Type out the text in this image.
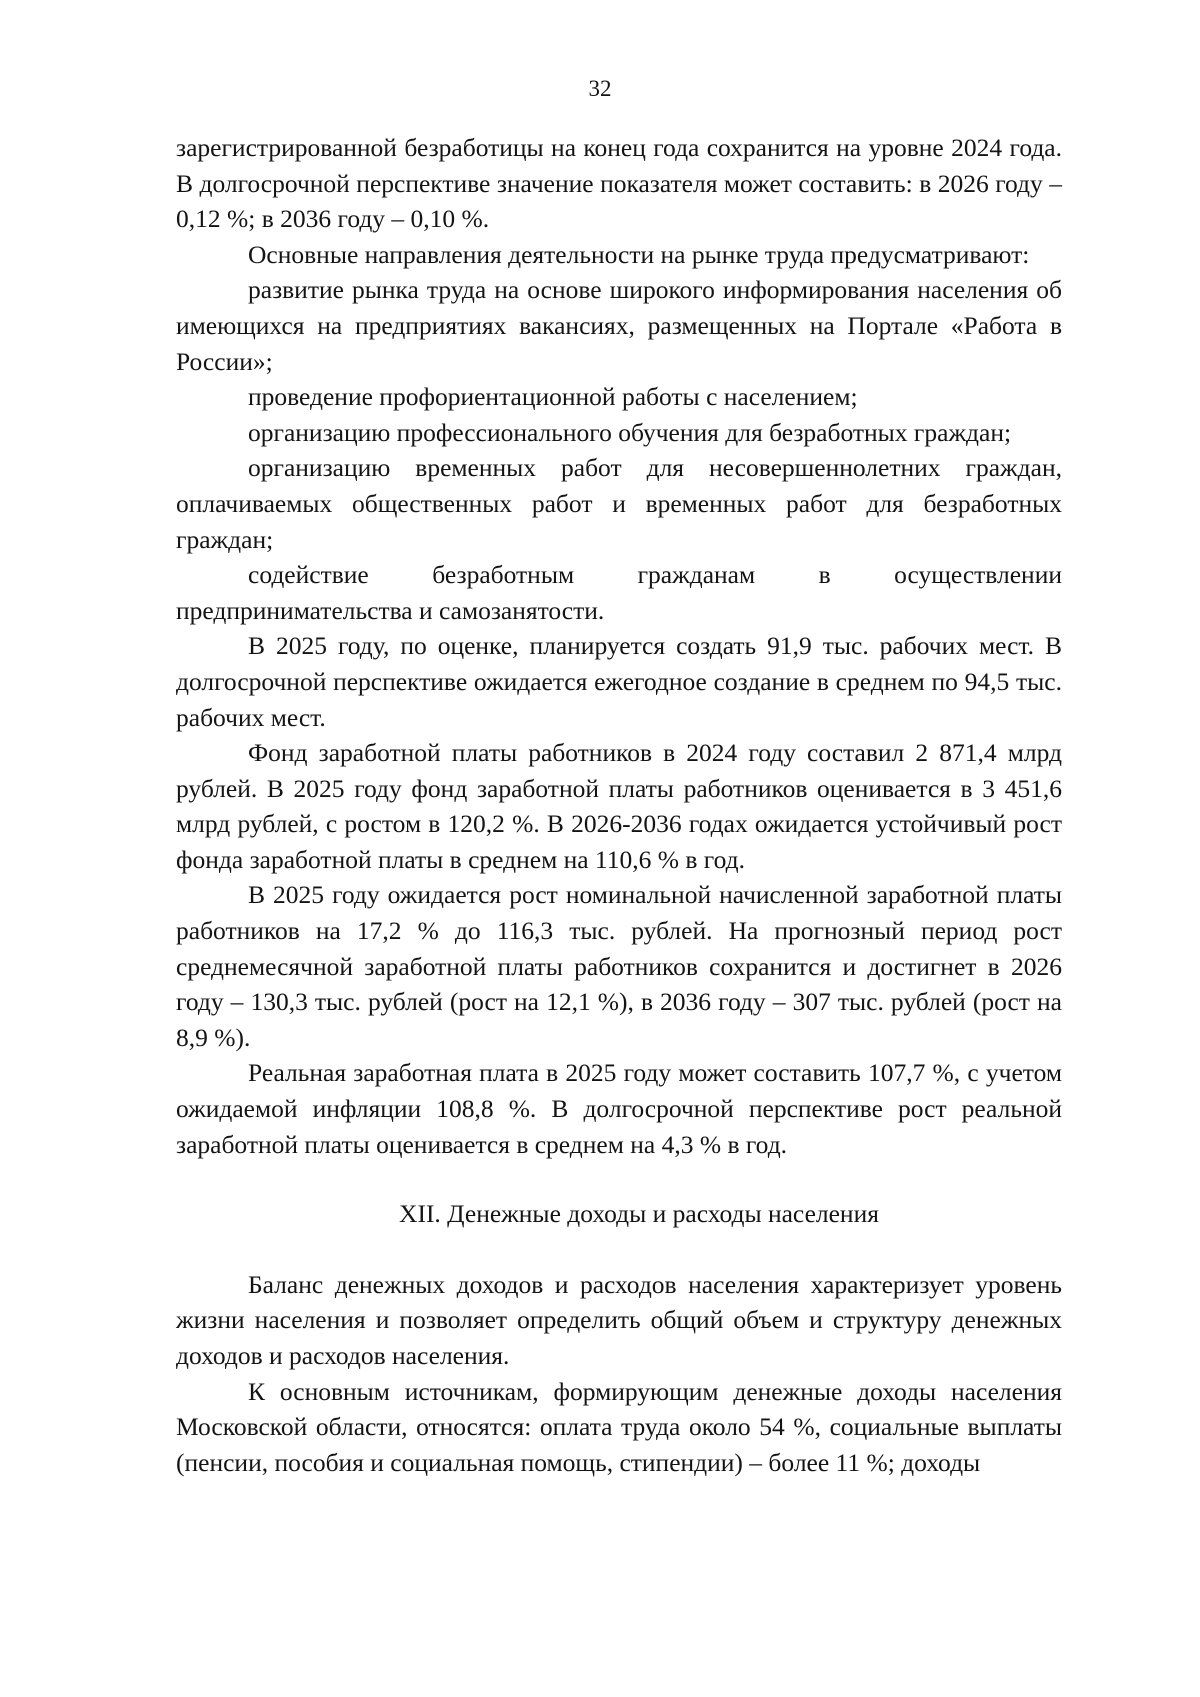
32

зарегистрированной безработицы на конец года сохранится на уровне 2024 года. В долгосрочной перспективе значение показателя может составить: в 2026 году – 0,12 %; в 2036 году – 0,10 %.

Основные направления деятельности на рынке труда предусматривают:

развитие рынка труда на основе широкого информирования населения об имеющихся на предприятиях вакансиях, размещенных на Портале «Работа в России»;

проведение профориентационной работы с населением;

организацию профессионального обучения для безработных граждан;

организацию временных работ для несовершеннолетних граждан, оплачиваемых общественных работ и временных работ для безработных граждан;

содействие безработным гражданам в осуществлении предпринимательства и самозанятости.

В 2025 году, по оценке, планируется создать 91,9 тыс. рабочих мест. В долгосрочной перспективе ожидается ежегодное создание в среднем по 94,5 тыс. рабочих мест.

Фонд заработной платы работников в 2024 году составил 2 871,4 млрд рублей. В 2025 году фонд заработной платы работников оценивается в 3 451,6 млрд рублей, с ростом в 120,2 %. В 2026-2036 годах ожидается устойчивый рост фонда заработной платы в среднем на 110,6 % в год.

В 2025 году ожидается рост номинальной начисленной заработной платы работников на 17,2 % до 116,3 тыс. рублей. На прогнозный период рост среднемесячной заработной платы работников сохранится и достигнет в 2026 году – 130,3 тыс. рублей (рост на 12,1 %), в 2036 году – 307 тыс. рублей (рост на 8,9 %).

Реальная заработная плата в 2025 году может составить 107,7 %, с учетом ожидаемой инфляции 108,8 %. В долгосрочной перспективе рост реальной заработной платы оценивается в среднем на 4,3 % в год.

XII. Денежные доходы и расходы населения

Баланс денежных доходов и расходов населения характеризует уровень жизни населения и позволяет определить общий объем и структуру денежных доходов и расходов населения.

К основным источникам, формирующим денежные доходы населения Московской области, относятся: оплата труда около 54 %, социальные выплаты (пенсии, пособия и социальная помощь, стипендии) – более 11 %; доходы
